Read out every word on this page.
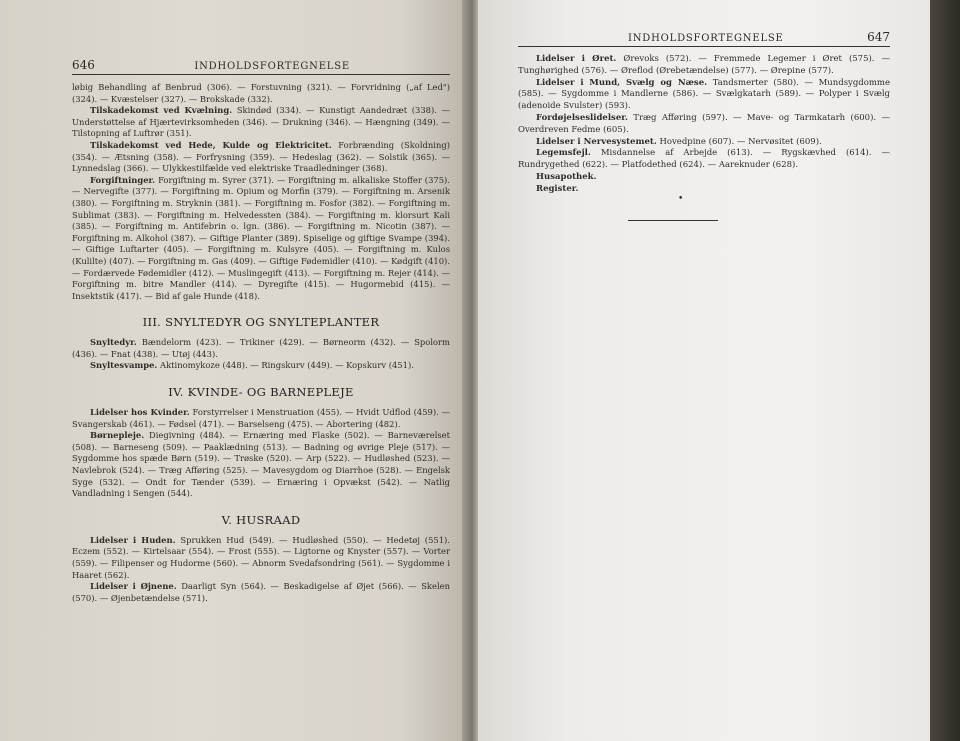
646	INDHOLDSFORTEGNELSE

løbig Behandling af Benbrud (306). — Forstuvning (321). — Forvridning („af Led") (324). — Kvæstelser (327). — Brokskade (332).

Tilskadekomst ved Kvælning. Skindød (334). — Kunstigt Aandedræt (338). — Understøttelse af Hjærtevirksomheden (346). — Drukning (346). — Hængning (349). — Tilstopning af Luftrør (351).

Tilskadekomst ved Hede, Kulde og Elektricitet. Forbrænding (Skoldning) (354). — Ætsning (358). — Forfrysning (359). — Hedeslag (362). — Solstik (365). — Lynnedslag (366). — Ulykkestilfælde ved elektriske Traadledninger (368).

Forgiftninger. Forgiftning m. Syrer (371). — Forgiftning m. alkaliske Stoffer (375). — Nervegifte (377). — Forgiftning m. Opium og Morfin (379). — Forgiftning m. Arsenik (380). — Forgiftning m. Stryknin (381). — Forgiftning m. Fosfor (382). — Forgiftning m. Sublimat (383). — Forgiftning m. Helvedessten (384). — Forgiftning m. klorsurt Kali (385). — Forgiftning m. Antifebrin o. lgn. (386). — Forgiftning m. Nicotin (387). — Forgiftning m. Alkohol (387). — Giftige Planter (389). Spiselige og giftige Svampe (394). — Giftige Luftarter (405). — Forgiftning m. Kulsyre (405). — Forgiftning m. Kulos (Kulilte) (407). — Forgiftning m. Gas (409). — Giftige Fødemidler (410). — Kødgift (410). — Fordærvede Fødemidler (412). — Muslingegift (413). — Forgiftning m. Rejer (414). — Forgiftning m. bitre Mandler (414). — Dyregifte (415). — Hugormebid (415). — Insektstik (417). — Bid af gale Hunde (418).

III. SNYLTEDYR OG SNYLTEPLANTER

Snyltedyr. Bændelorm (423). — Trikiner (429). — Børneorm (432). — Spolorm (436). — Fnat (438). — Utøj (443).

Snyltesvampe. Aktinomykoze (448). — Ringskurv (449). — Kopskurv (451).

IV. KVINDE- OG BARNEPLEJE

Lidelser hos Kvinder. Forstyrrelser i Menstruation (455). — Hvidt Udflod (459). — Svangerskab (461). — Fødsel (471). — Barselseng (475). — Abortering (482).

Børnepleje. Diegivning (484). — Ernæring med Flaske (502). — Barneværelset (508). — Barneseng (509). — Paaklædning (513). — Badning og øvrige Pleje (517). — Sygdomme hos spæde Børn (519). — Trøske (520). — Arp (522). — Hudløshed (523). — Navlebrok (524). — Træg Afføring (525). — Mavesygdom og Diarrhoe (528). — Engelsk Syge (532). — Ondt for Tænder (539). — Ernæring i Opvækst (542). — Natlig Vandladning i Sengen (544).

V. HUSRAAD

Lidelser i Huden. Sprukken Hud (549). — Hudløshed (550). — Hedetøj (551). Eczem (552). — Kirtelsaar (554). — Frost (555). — Ligtorne og Knyster (557). — Vorter (559). — Filipenser og Hudorme (560). — Abnorm Svedafsondring (561). — Sygdomme i Haaret (562).

Lidelser i Øjnene. Daarligt Syn (564). — Beskadigelse af Øjet (566). — Skelen (570). — Øjenbetændelse (571).

INDHOLDSFORTEGNELSE	647

Lidelser i Øret. Ørevoks (572). — Fremmede Legemer i Øret (575). — Tunghørighed (576). — Øreflod (Ørebetændelse) (577). — Ørepine (577).

Lidelser i Mund, Svælg og Næse. Tandsmerter (580). — Mundsygdomme (585). — Sygdomme i Mandlerne (586). — Svælgkatarh (589). — Polyper i Svælg (adenoide Svulster) (593).

Fordøjelseslidelser. Træg Afføring (597). — Mave- og Tarmkatarh (600). — Overdreven Fedme (605).

Lidelser i Nervesystemet. Hovedpine (607). — Nervøsitet (609).

Legemsfejl. Misdannelse af Arbejde (613). — Rygskævhed (614). — Rundrygethed (622). — Platfodethed (624). — Aareknuder (628).

Husapothek.

Register.

•
